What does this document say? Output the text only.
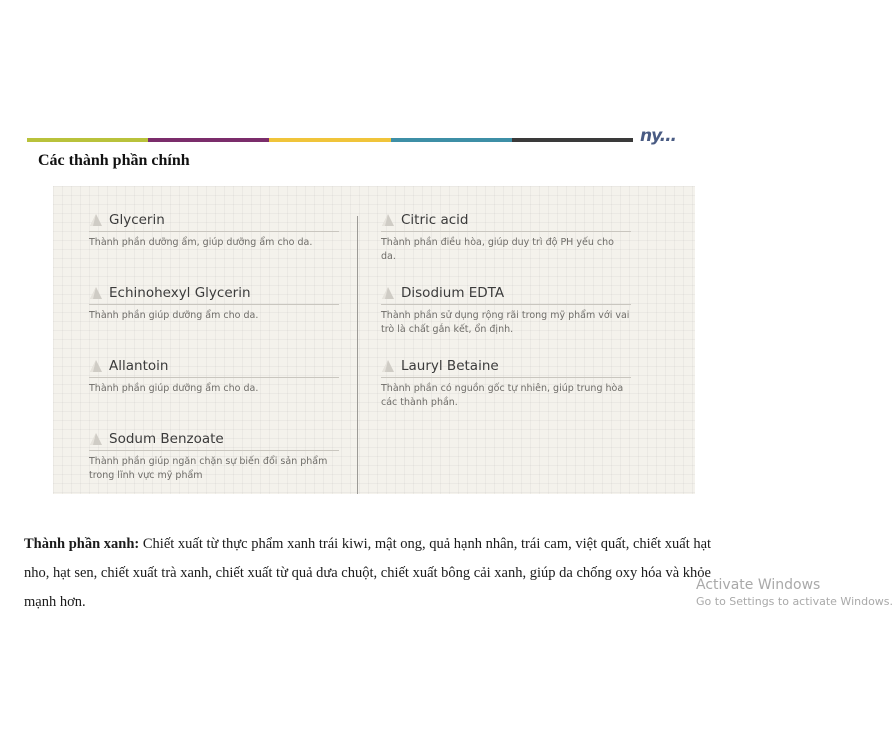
ny...
Các thành phần chính
Glycerin
Thành phần dưỡng ẩm, giúp dưỡng ẩm cho da.
Echinohexyl Glycerin
Thành phần giúp dưỡng ẩm cho da.
Allantoin
Thành phần giúp dưỡng ẩm cho da.
Sodum Benzoate
Thành phần giúp ngăn chặn sự biến đổi sản phẩm trong lĩnh vực mỹ phẩm
Citric acid
Thành phần điều hòa, giúp duy trì độ PH yếu cho da.
Disodium EDTA
Thành phần sử dụng rộng rãi trong mỹ phẩm với vai trò là chất gắn kết, ổn định.
Lauryl Betaine
Thành phần có nguồn gốc tự nhiên, giúp trung hòa các thành phần.
Thành phần xanh: Chiết xuất từ thực phẩm xanh trái kiwi, mật ong, quả hạnh nhân, trái cam, việt quất, chiết xuất hạt nho, hạt sen, chiết xuất trà xanh, chiết xuất từ quả dưa chuột, chiết xuất bông cải xanh, giúp da chống oxy hóa và khỏe mạnh hơn.
Activate Windows
Go to Settings to activate Windows.
